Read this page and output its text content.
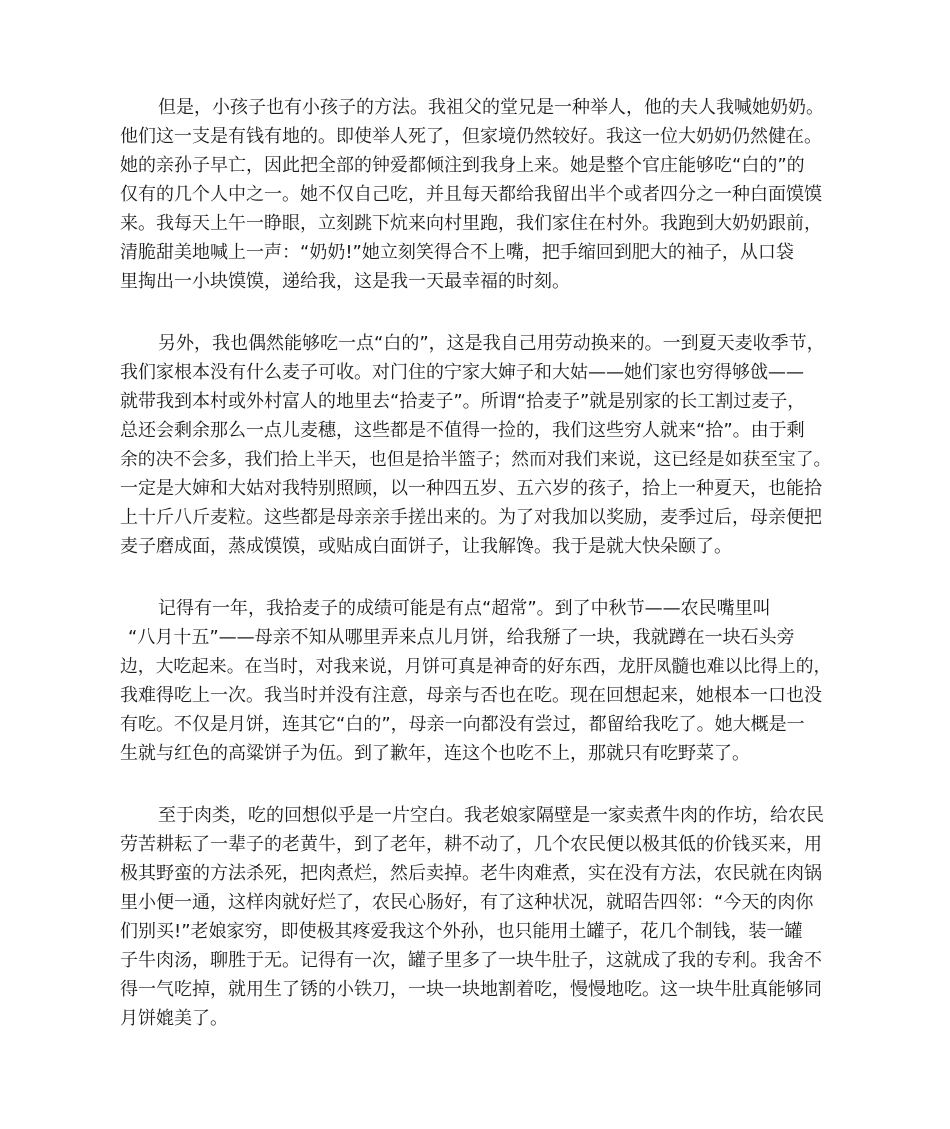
但是，小孩子也有小孩子的方法。我祖父的堂兄是一种举人，他的夫人我喊她奶奶。
他们这一支是有钱有地的。即使举人死了，但家境仍然较好。我这一位大奶奶仍然健在。
她的亲孙子早亡，因此把全部的钟爱都倾注到我身上来。她是整个官庄能够吃“白的”的
仅有的几个人中之一。她不仅自己吃，并且每天都给我留出半个或者四分之一种白面馍馍
来。我每天上午一睁眼，立刻跳下炕来向村里跑，我们家住在村外。我跑到大奶奶跟前，
清脆甜美地喊上一声：“奶奶!”她立刻笑得合不上嘴，把手缩回到肥大的袖子，从口袋
里掏出一小块馍馍，递给我，这是我一天最幸福的时刻。
另外，我也偶然能够吃一点“白的”，这是我自己用劳动换来的。一到夏天麦收季节，
我们家根本没有什么麦子可收。对门住的宁家大婶子和大姑——她们家也穷得够戗——
就带我到本村或外村富人的地里去“拾麦子”。所谓“拾麦子”就是别家的长工割过麦子，
总还会剩余那么一点儿麦穗，这些都是不值得一捡的，我们这些穷人就来“拾”。由于剩
余的决不会多，我们拾上半天，也但是拾半篮子；然而对我们来说，这已经是如获至宝了。
一定是大婶和大姑对我特别照顾，以一种四五岁、五六岁的孩子，拾上一种夏天，也能拾
上十斤八斤麦粒。这些都是母亲亲手搓出来的。为了对我加以奖励，麦季过后，母亲便把
麦子磨成面，蒸成馍馍，或贴成白面饼子，让我解馋。我于是就大快朵颐了。
记得有一年，我拾麦子的成绩可能是有点“超常”。到了中秋节——农民嘴里叫
“八月十五”——母亲不知从哪里弄来点儿月饼，给我掰了一块，我就蹲在一块石头旁
边，大吃起来。在当时，对我来说，月饼可真是神奇的好东西，龙肝凤髓也难以比得上的，
我难得吃上一次。我当时并没有注意，母亲与否也在吃。现在回想起来，她根本一口也没
有吃。不仅是月饼，连其它“白的”，母亲一向都没有尝过，都留给我吃了。她大概是一
生就与红色的高粱饼子为伍。到了歉年，连这个也吃不上，那就只有吃野菜了。
至于肉类，吃的回想似乎是一片空白。我老娘家隔壁是一家卖煮牛肉的作坊，给农民
劳苦耕耘了一辈子的老黄牛，到了老年，耕不动了，几个农民便以极其低的价钱买来，用
极其野蛮的方法杀死，把肉煮烂，然后卖掉。老牛肉难煮，实在没有方法，农民就在肉锅
里小便一通，这样肉就好烂了，农民心肠好，有了这种状况，就昭告四邻：“今天的肉你
们别买!”老娘家穷，即使极其疼爱我这个外孙，也只能用土罐子，花几个制钱，装一罐
子牛肉汤，聊胜于无。记得有一次，罐子里多了一块牛肚子，这就成了我的专利。我舍不
得一气吃掉，就用生了锈的小铁刀，一块一块地割着吃，慢慢地吃。这一块牛肚真能够同
月饼媲美了。
